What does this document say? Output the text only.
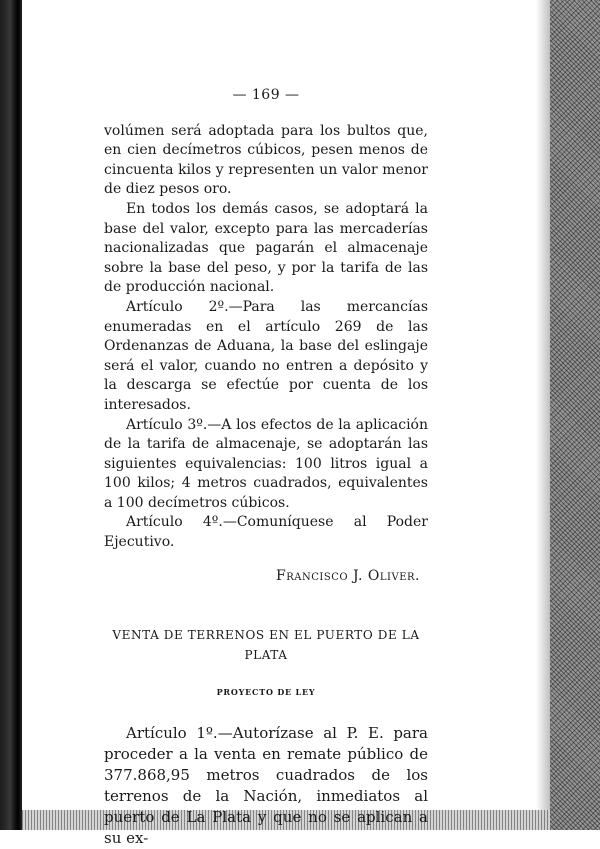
— 169 —

volúmen será adoptada para los bultos que, en cien decímetros cúbicos, pesen menos de cincuenta kilos y representen un valor menor de diez pesos oro.

En todos los demás casos, se adoptará la base del valor, excepto para las mercaderías nacionalizadas que pagarán el almacenaje sobre la base del peso, y por la tarifa de las de producción nacional.

Artículo 2º.—Para las mercancías enumeradas en el artículo 269 de las Ordenanzas de Aduana, la base del eslingaje será el valor, cuando no entren a depósito y la descarga se efectúe por cuenta de los interesados.

Artículo 3º.—A los efectos de la aplicación de la tarifa de almacenaje, se adoptarán las siguientes equivalencias: 100 litros igual a 100 kilos; 4 metros cuadrados, equivalentes a 100 decímetros cúbicos.

Artículo 4º.—Comuníquese al Poder Ejecutivo.

Francisco J. Oliver.
VENTA DE TERRENOS EN EL PUERTO DE LA PLATA
PROYECTO DE LEY

Artículo 1º.—Autorízase al P. E. para proceder a la venta en remate público de 377.868,95 metros cuadrados de los terrenos de la Nación, inmediatos al puerto de La Plata y que no se aplican a su ex-
